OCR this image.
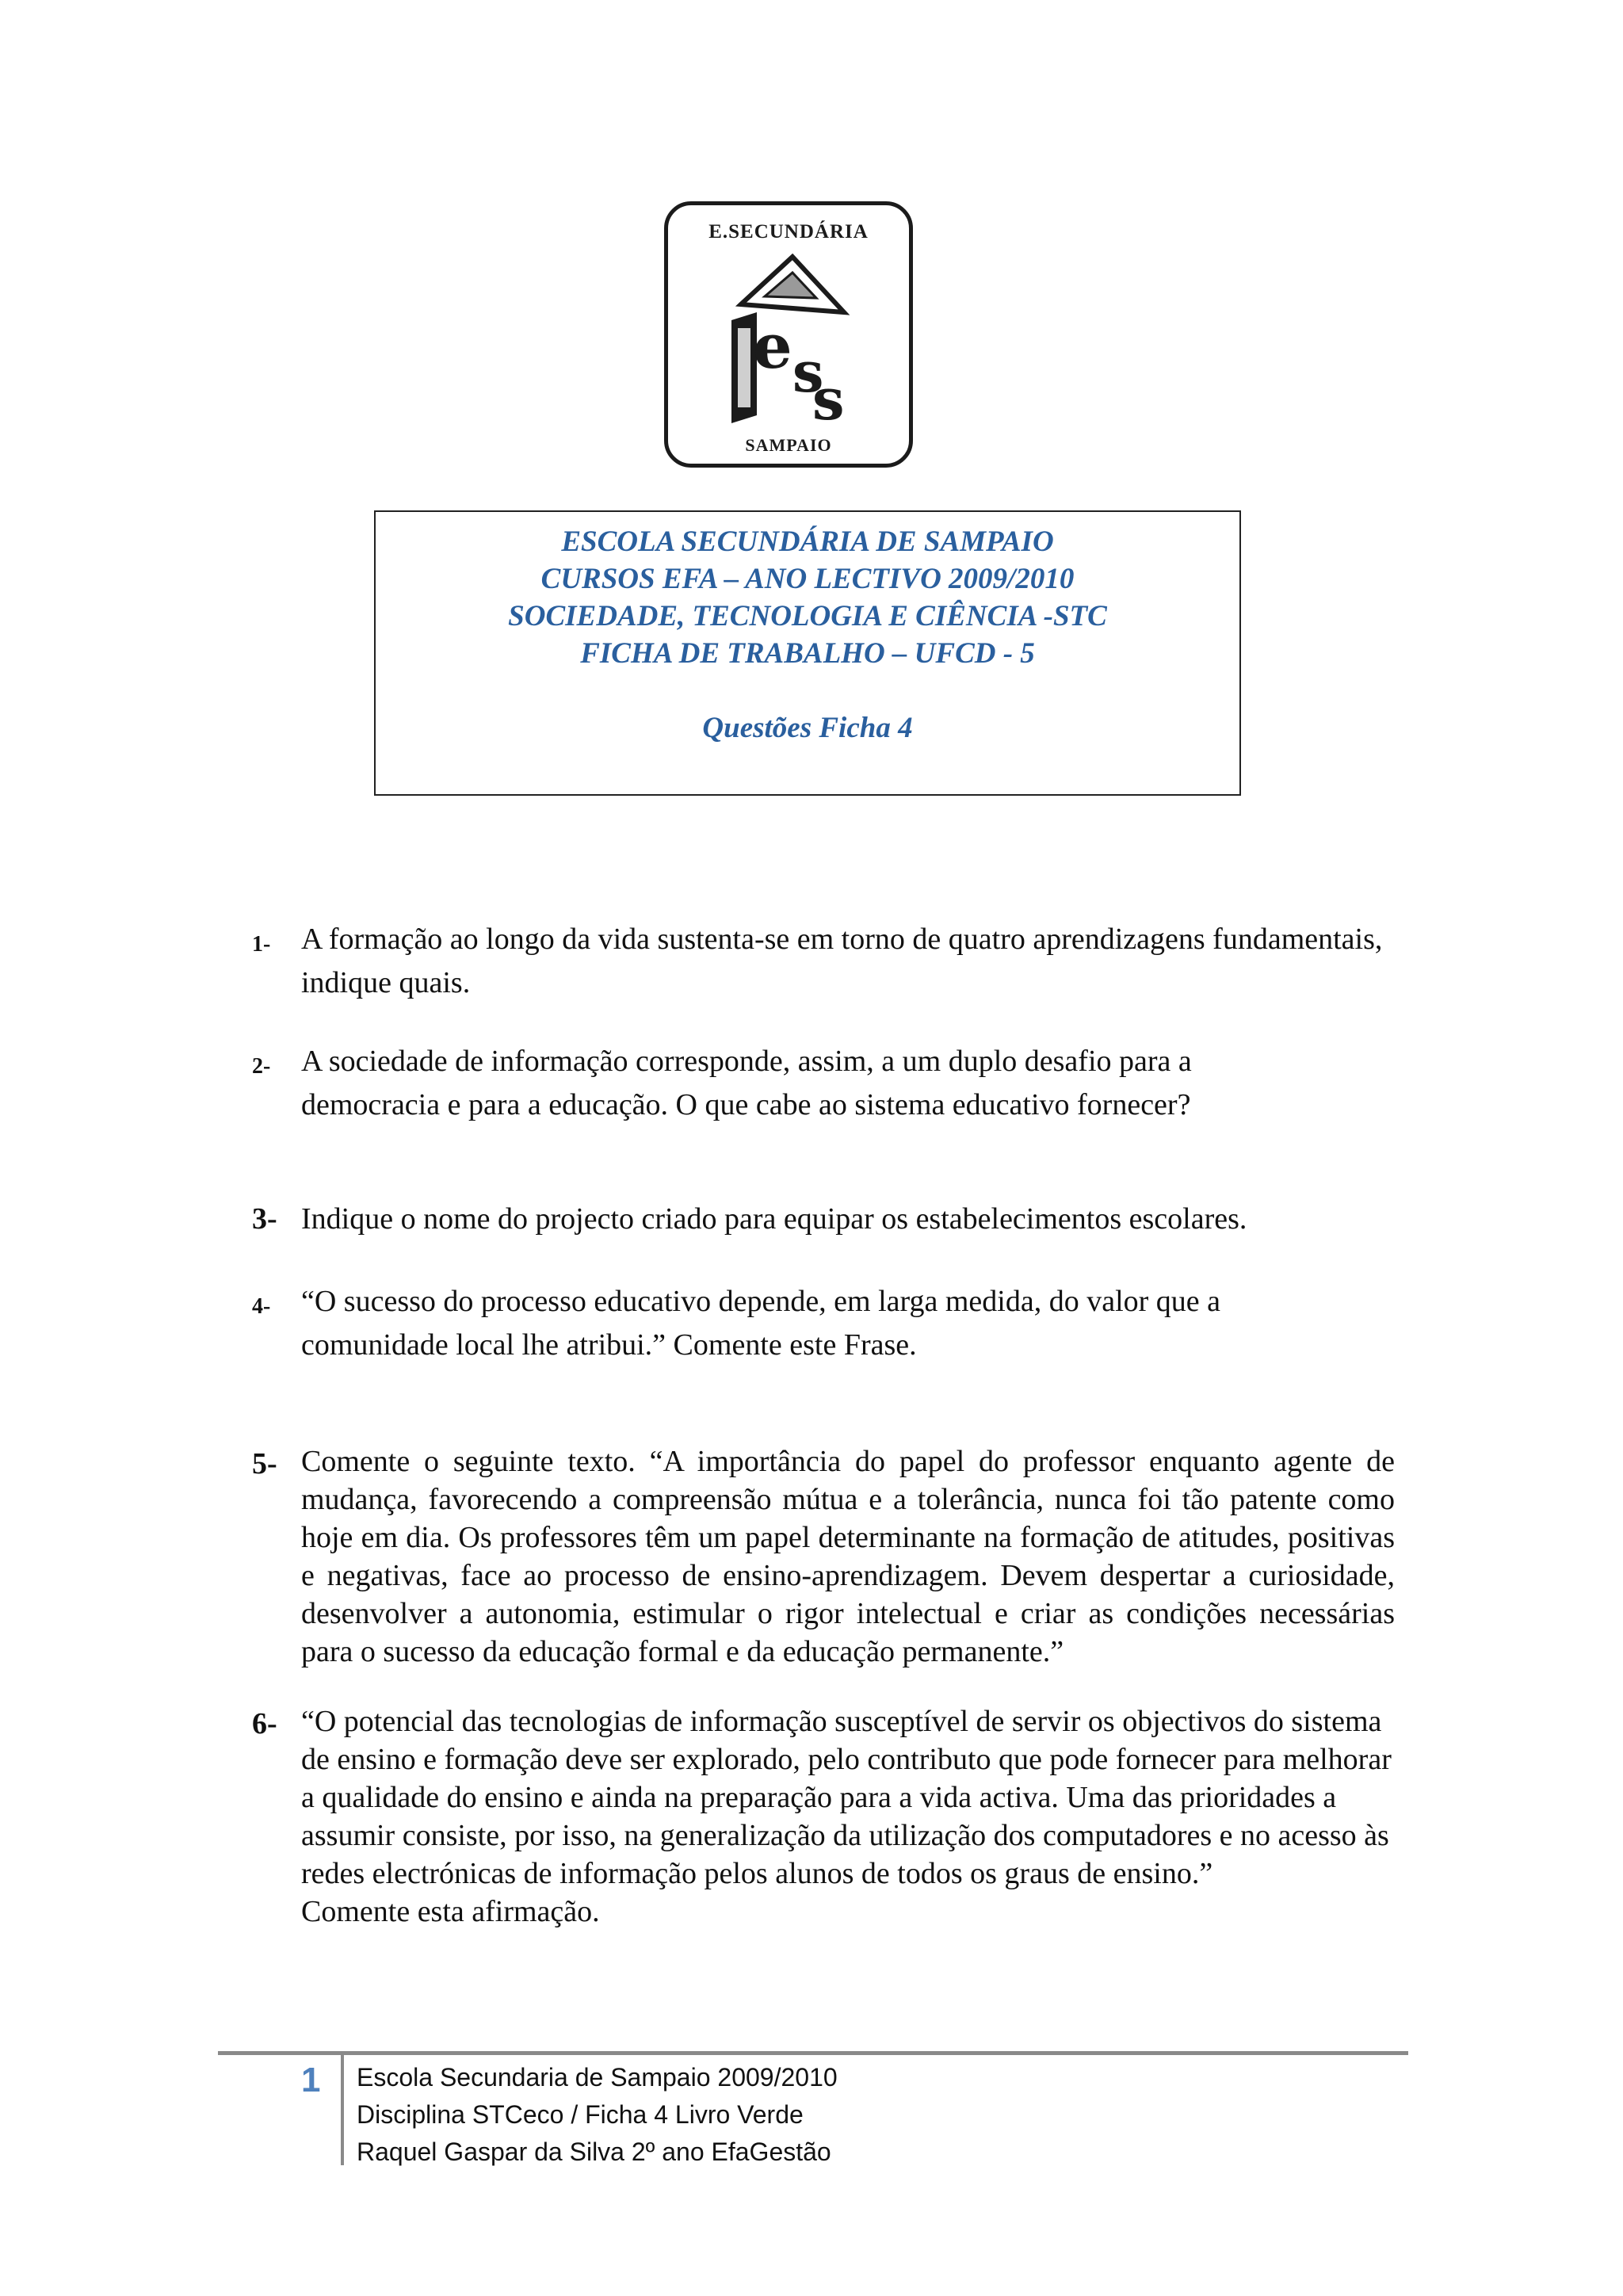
E.SECUNDÁRIA
e s
s
SAMPAIO
ESCOLA SECUNDÁRIA DE SAMPAIO
CURSOS EFA – ANO LECTIVO 2009/2010
SOCIEDADE, TECNOLOGIA E CIÊNCIA -STC
FICHA DE TRABALHO – UFCD - 5
Questões Ficha 4
1- A formação ao longo da vida sustenta-se em torno de quatro aprendizagens fundamentais, indique quais.
2- A sociedade de informação corresponde, assim, a um duplo desafio para a democracia e para a educação. O que cabe ao sistema educativo fornecer?
3- Indique o nome do projecto criado para equipar os estabelecimentos escolares.
4- “O sucesso do processo educativo depende, em larga medida, do valor que a comunidade local lhe atribui.” Comente este Frase.
5- Comente o seguinte texto. “A importância do papel do professor enquanto agente de mudança, favorecendo a compreensão mútua e a tolerância, nunca foi tão patente como hoje em dia. Os professores têm um papel determinante na formação de atitudes, positivas e negativas, face ao processo de ensino-aprendizagem. Devem despertar a curiosidade, desenvolver a autonomia, estimular o rigor intelectual e criar as condições necessárias para o sucesso da educação formal e da educação permanente.”
6- “O potencial das tecnologias de informação susceptível de servir os objectivos do sistema de ensino e formação deve ser explorado, pelo contributo que pode fornecer para melhorar a qualidade do ensino e ainda na preparação para a vida activa. Uma das prioridades a assumir consiste, por isso, na generalização da utilização dos computadores e no acesso às redes electrónicas de informação pelos alunos de todos os graus de ensino.”
Comente esta afirmação.
1 Escola Secundaria de Sampaio 2009/2010
Disciplina STCeco / Ficha 4 Livro Verde
Raquel Gaspar da Silva 2º ano EfaGestão
